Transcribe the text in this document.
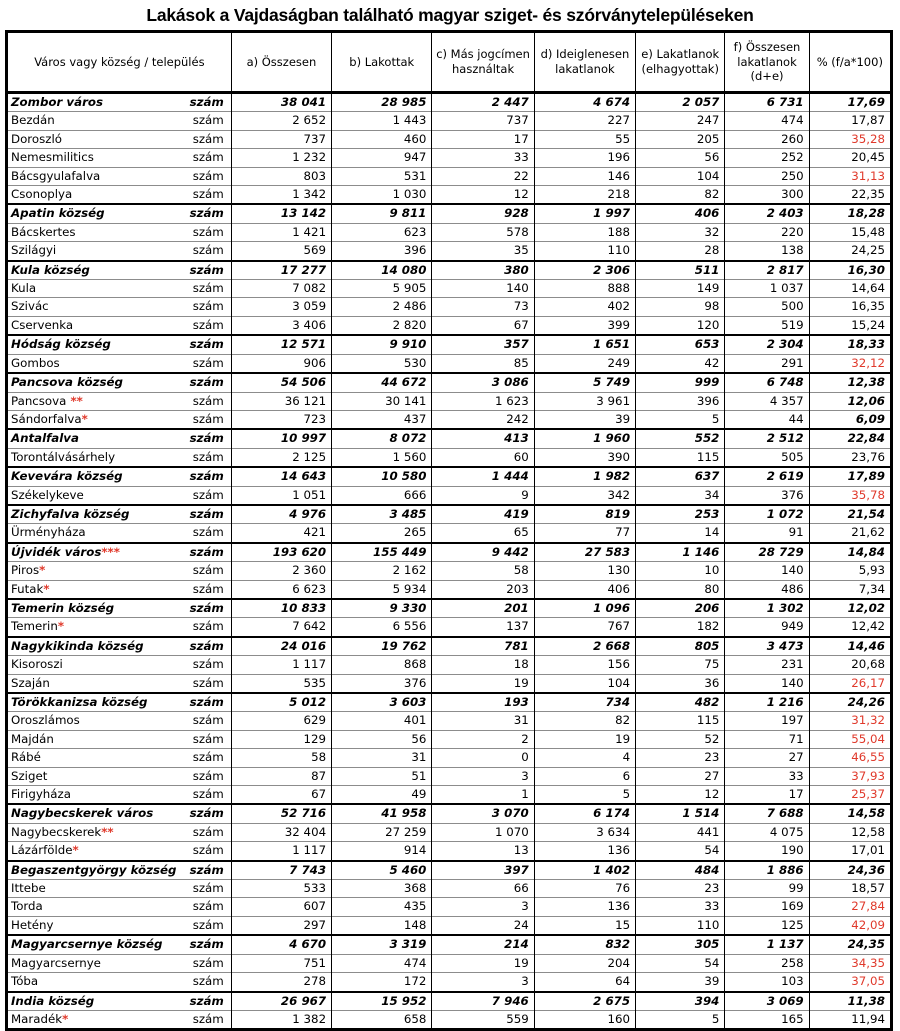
Lakások a Vajdaságban található magyar sziget- és szórványtelepüléseken
Város vagy község / település	a) Összesen	b) Lakottak	c) Más jogcímen használtak	d) Ideiglenesen lakatlanok	e) Lakatlanok (elhagyottak)	f) Összesen lakatlanok (d+e)	% (f/a*100)

Zombor város szám	38 041	28 985	2 447	4 674	2 057	6 731	17,69

Bezdán szám	2 652	1 443	737	227	247	474	17,87

Doroszló szám	737	460	17	55	205	260	35,28

Nemesmilitics szám	1 232	947	33	196	56	252	20,45

Bácsgyulafalva szám	803	531	22	146	104	250	31,13

Csonoplya szám	1 342	1 030	12	218	82	300	22,35

Apatin község szám	13 142	9 811	928	1 997	406	2 403	18,28

Bácskertes szám	1 421	623	578	188	32	220	15,48

Szilágyi szám	569	396	35	110	28	138	24,25

Kula község szám	17 277	14 080	380	2 306	511	2 817	16,30

Kula szám	7 082	5 905	140	888	149	1 037	14,64

Szivác szám	3 059	2 486	73	402	98	500	16,35

Cservenka szám	3 406	2 820	67	399	120	519	15,24

Hódság község szám	12 571	9 910	357	1 651	653	2 304	18,33

Gombos szám	906	530	85	249	42	291	32,12

Pancsova község szám	54 506	44 672	3 086	5 749	999	6 748	12,38

Pancsova ** szám	36 121	30 141	1 623	3 961	396	4 357	12,06

Sándorfalva* szám	723	437	242	39	5	44	6,09

Antalfalva szám	10 997	8 072	413	1 960	552	2 512	22,84

Torontálvásárhely szám	2 125	1 560	60	390	115	505	23,76

Kevevára község szám	14 643	10 580	1 444	1 982	637	2 619	17,89

Székelykeve szám	1 051	666	9	342	34	376	35,78

Zichyfalva község szám	4 976	3 485	419	819	253	1 072	21,54

Ürményháza szám	421	265	65	77	14	91	21,62

Újvidék város*** szám	193 620	155 449	9 442	27 583	1 146	28 729	14,84

Piros* szám	2 360	2 162	58	130	10	140	5,93

Futak* szám	6 623	5 934	203	406	80	486	7,34

Temerin község szám	10 833	9 330	201	1 096	206	1 302	12,02

Temerin* szám	7 642	6 556	137	767	182	949	12,42

Nagykikinda község szám	24 016	19 762	781	2 668	805	3 473	14,46

Kisoroszi szám	1 117	868	18	156	75	231	20,68

Szaján szám	535	376	19	104	36	140	26,17

Törökkanizsa község szám	5 012	3 603	193	734	482	1 216	24,26

Oroszlámos szám	629	401	31	82	115	197	31,32

Majdán szám	129	56	2	19	52	71	55,04

Rábé szám	58	31	0	4	23	27	46,55

Sziget szám	87	51	3	6	27	33	37,93

Firigyháza szám	67	49	1	5	12	17	25,37

Nagybecskerek város szám	52 716	41 958	3 070	6 174	1 514	7 688	14,58

Nagybecskerek** szám	32 404	27 259	1 070	3 634	441	4 075	12,58

Lázárfölde* szám	1 117	914	13	136	54	190	17,01

Begaszentgyörgy község szám	7 743	5 460	397	1 402	484	1 886	24,36

Ittebe szám	533	368	66	76	23	99	18,57

Torda szám	607	435	3	136	33	169	27,84

Hetény szám	297	148	24	15	110	125	42,09

Magyarcsernye község szám	4 670	3 319	214	832	305	1 137	24,35

Magyarcsernye szám	751	474	19	204	54	258	34,35

Tóba szám	278	172	3	64	39	103	37,05

India község szám	26 967	15 952	7 946	2 675	394	3 069	11,38

Maradék* szám	1 382	658	559	160	5	165	11,94
